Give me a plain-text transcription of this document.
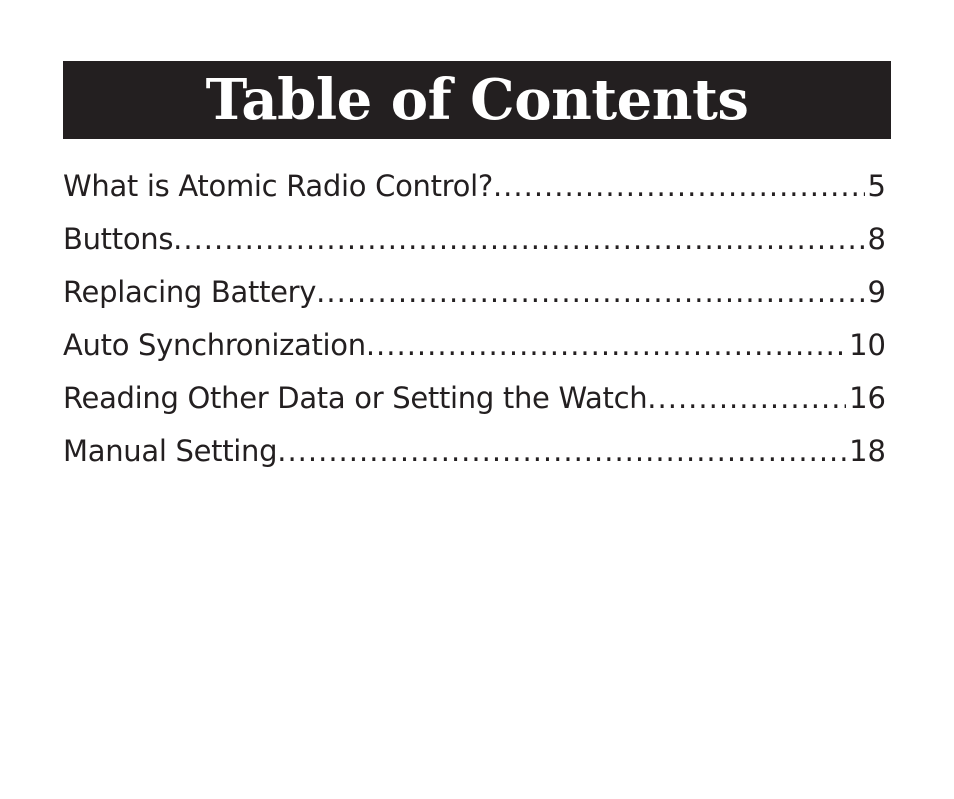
Table of Contents
What is Atomic Radio Control? .....	5
Buttons .....	8
Replacing Battery .....	9
Auto Synchronization .....	10
Reading Other Data or Setting the Watch .....	16
Manual Setting .....	18
